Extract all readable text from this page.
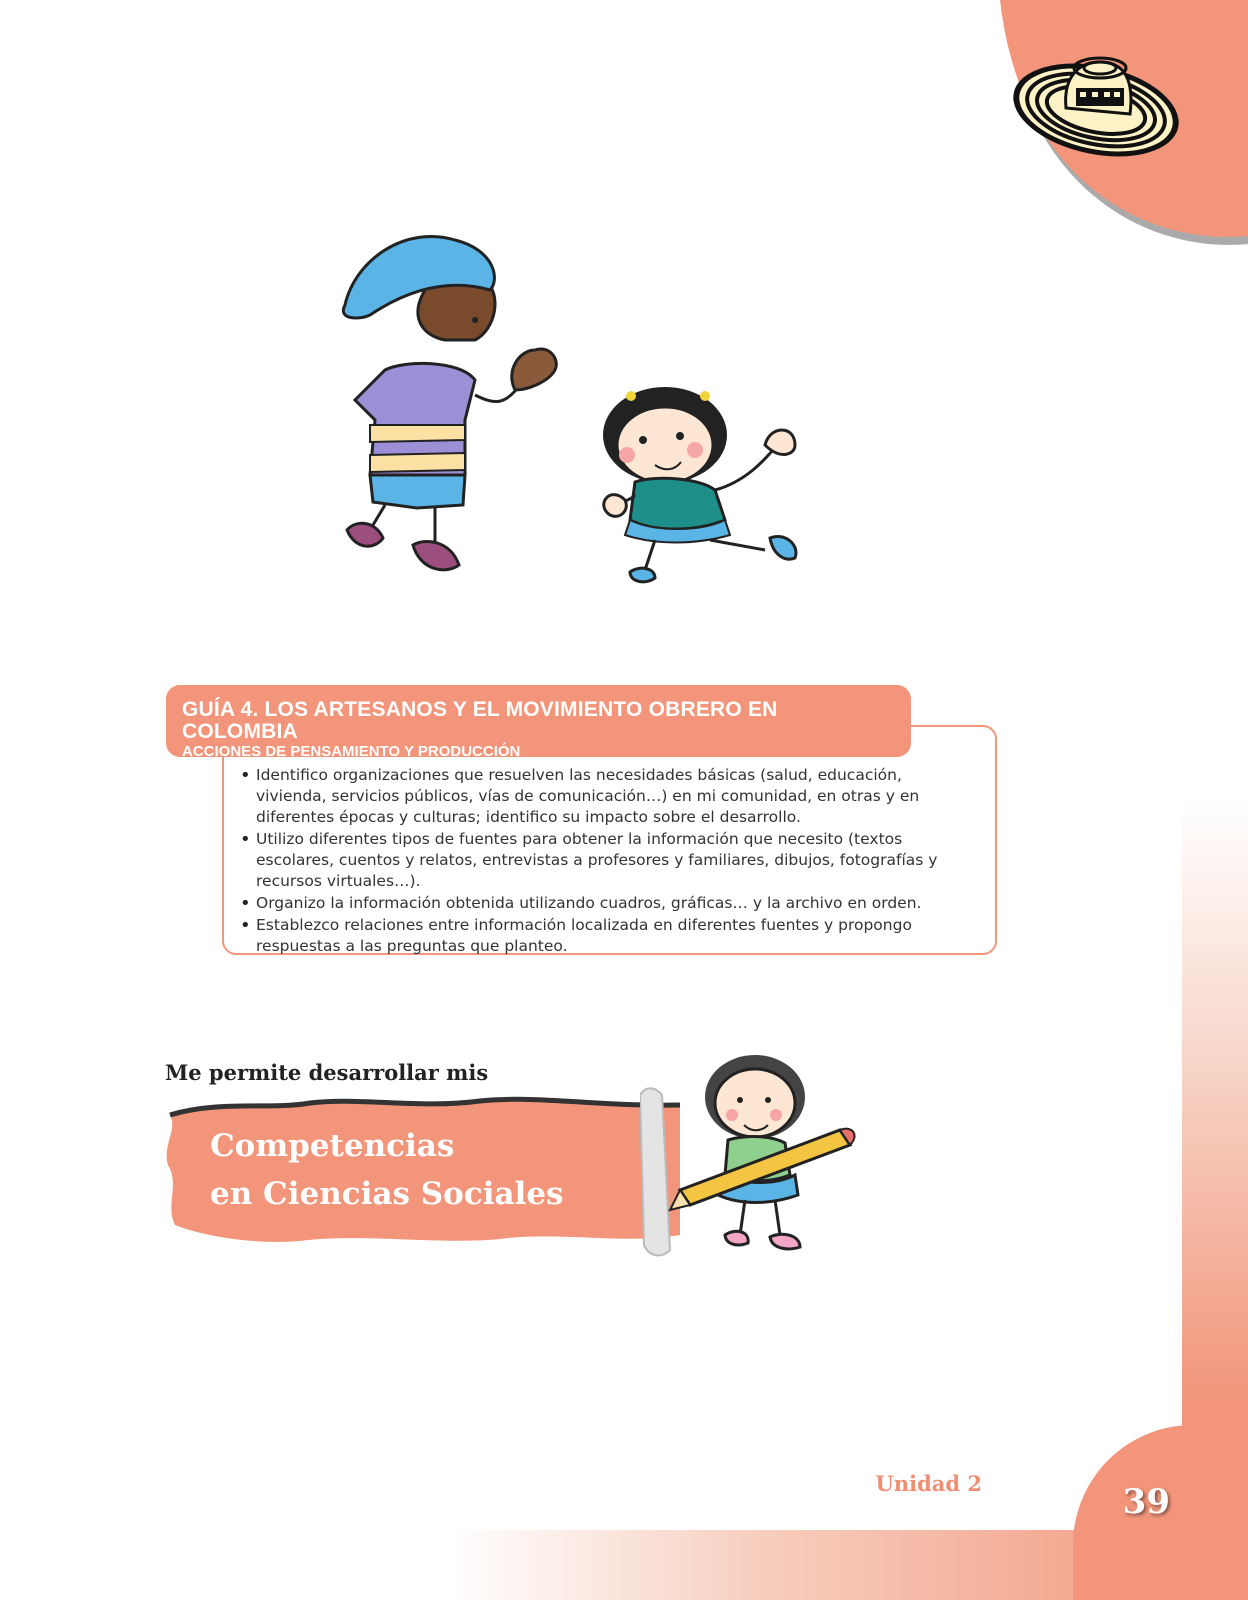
GUÍA 4. LOS ARTESANOS Y EL MOVIMIENTO OBRERO EN COLOMBIA
ACCIONES DE PENSAMIENTO Y PRODUCCIÓN
• Identifico organizaciones que resuelven las necesidades básicas (salud, educación, vivienda, servicios públicos, vías de comunicación…) en mi comunidad, en otras y en diferentes épocas y culturas; identifico su impacto sobre el desarrollo.
• Utilizo diferentes tipos de fuentes para obtener la información que necesito (textos escolares, cuentos y relatos, entrevistas a profesores y familiares, dibujos, fotografías y recursos virtuales…).
• Organizo la información obtenida utilizando cuadros, gráficas… y la archivo en orden.
• Establezco relaciones entre información localizada en diferentes fuentes y propongo respuestas a las preguntas que planteo.
Me permite desarrollar mis
Competencias
en Ciencias Sociales
Unidad 2	39
